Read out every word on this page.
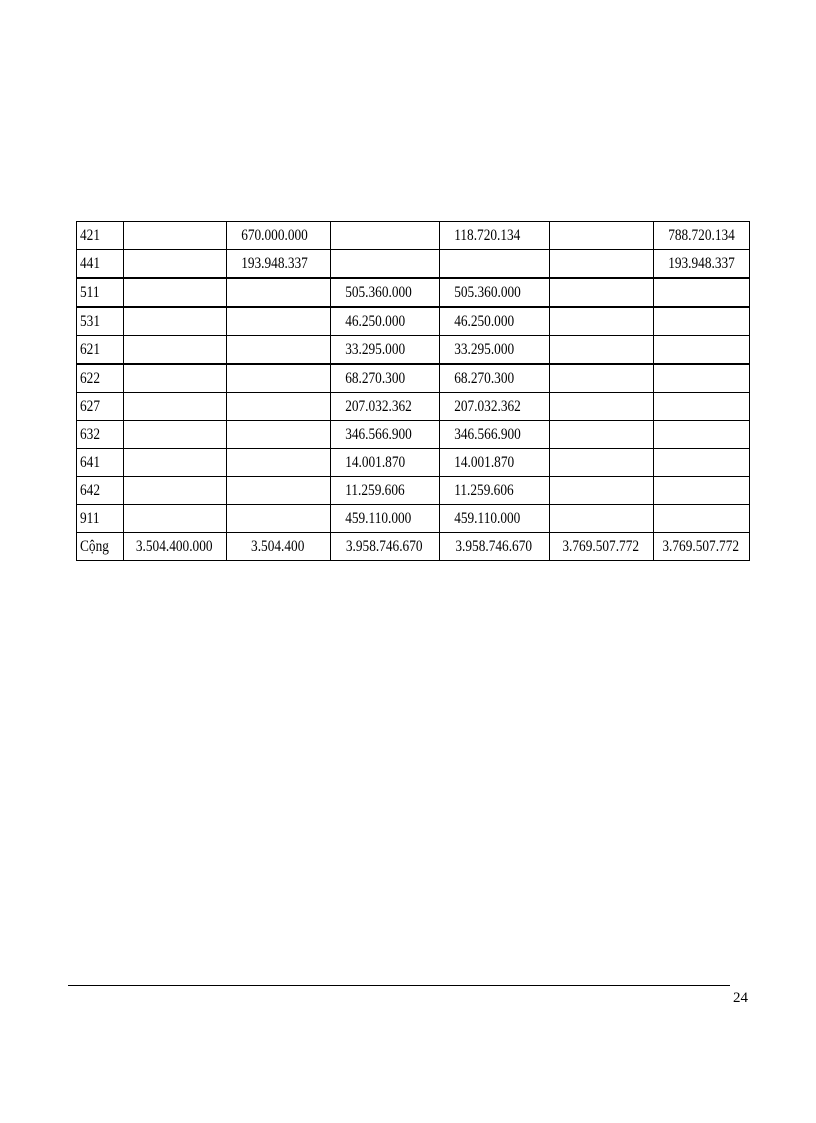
421		670.000.000		118.720.134		788.720.134
441		193.948.337				193.948.337
511			505.360.000	505.360.000		
531			46.250.000	46.250.000		
621			33.295.000	33.295.000		
622			68.270.300	68.270.300		
627			207.032.362	207.032.362		
632			346.566.900	346.566.900		
641			14.001.870	14.001.870		
642			11.259.606	11.259.606		
911			459.110.000	459.110.000		
Cộng	3.504.400.000	3.504.400	3.958.746.670	3.958.746.670	3.769.507.772	3.769.507.772
24
